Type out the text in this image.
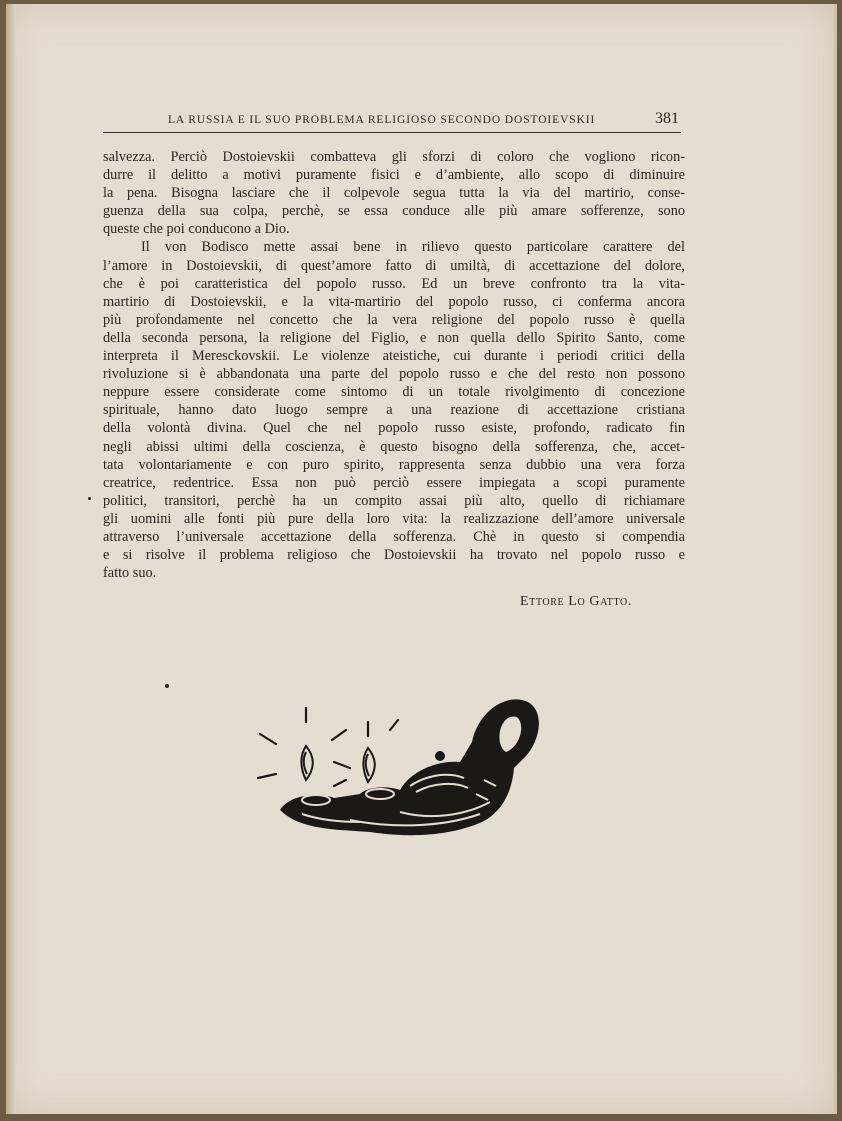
LA RUSSIA E IL SUO PROBLEMA RELIGIOSO SECONDO DOSTOIEVSKII	381
salvezza. Perciò Dostoievskii combatteva gli sforzi di coloro che vogliono ricon-
durre il delitto a motivi puramente fisici e d’ambiente, allo scopo di diminuire
la pena. Bisogna lasciare che il colpevole segua tutta la via del martirio, conse-
guenza della sua colpa, perchè, se essa conduce alle più amare sofferenze, sono
queste che poi conducono a Dio.
Il von Bodisco mette assai bene in rilievo questo particolare carattere del
l’amore in Dostoievskii, di quest’amore fatto di umiltà, di accettazione del dolore,
che è poi caratteristica del popolo russo. Ed un breve confronto tra la vita-
martirio di Dostoievskii, e la vita-martirio del popolo russo, ci conferma ancora
più profondamente nel concetto che la vera religione del popolo russo è quella
della seconda persona, la religione del Figlio, e non quella dello Spirito Santo, come
interpreta il Meresckovskii. Le violenze ateistiche, cui durante i periodi critici della
rivoluzione si è abbandonata una parte del popolo russo e che del resto non possono
neppure essere considerate come sintomo di un totale rivolgimento di concezione
spirituale, hanno dato luogo sempre a una reazione di accettazione cristiana
della volontà divina. Quel che nel popolo russo esiste, profondo, radicato fin
negli abissi ultimi della coscienza, è questo bisogno della sofferenza, che, accet-
tata volontariamente e con puro spirito, rappresenta senza dubbio una vera forza
creatrice, redentrice. Essa non può perciò essere impiegata a scopi puramente
politici, transitori, perchè ha un compito assai più alto, quello di richiamare
gli uomini alle fonti più pure della loro vita: la realizzazione dell’amore universale
attraverso l’universale accettazione della sofferenza. Chè in questo si compendia
e si risolve il problema religioso che Dostoievskii ha trovato nel popolo russo e
fatto suo.
Ettore Lo Gatto.
